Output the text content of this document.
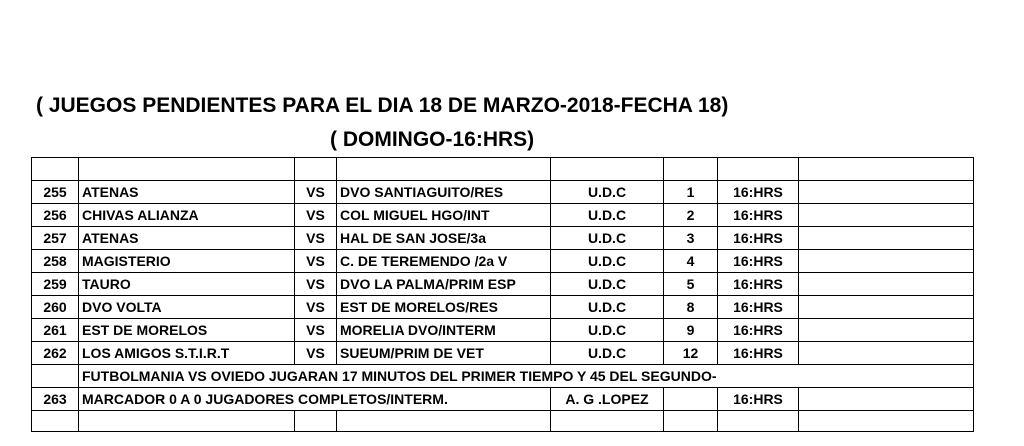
( JUEGOS PENDIENTES PARA EL DIA 18 DE MARZO-2018-FECHA 18)
( DOMINGO-16:HRS)

255	ATENAS	VS	DVO SANTIAGUITO/RES	U.D.C	1	16:HRS	
256	CHIVAS ALIANZA	VS	COL MIGUEL HGO/INT	U.D.C	2	16:HRS	
257	ATENAS	VS	HAL DE SAN JOSE/3a	U.D.C	3	16:HRS	
258	MAGISTERIO	VS	C. DE TEREMENDO /2a V	U.D.C	4	16:HRS	
259	TAURO	VS	DVO LA PALMA/PRIM ESP	U.D.C	5	16:HRS	
260	DVO VOLTA	VS	EST DE MORELOS/RES	U.D.C	8	16:HRS	
261	EST DE MORELOS	VS	MORELIA DVO/INTERM	U.D.C	9	16:HRS	
262	LOS AMIGOS S.T.I.R.T	VS	SUEUM/PRIM DE VET	U.D.C	12	16:HRS	
	FUTBOLMANIA VS OVIEDO JUGARAN 17 MINUTOS DEL PRIMER TIEMPO Y 45 DEL SEGUNDO-						
263	MARCADOR 0 A 0 JUGADORES COMPLETOS/INTERM.			A. G .LOPEZ		16:HRS	
